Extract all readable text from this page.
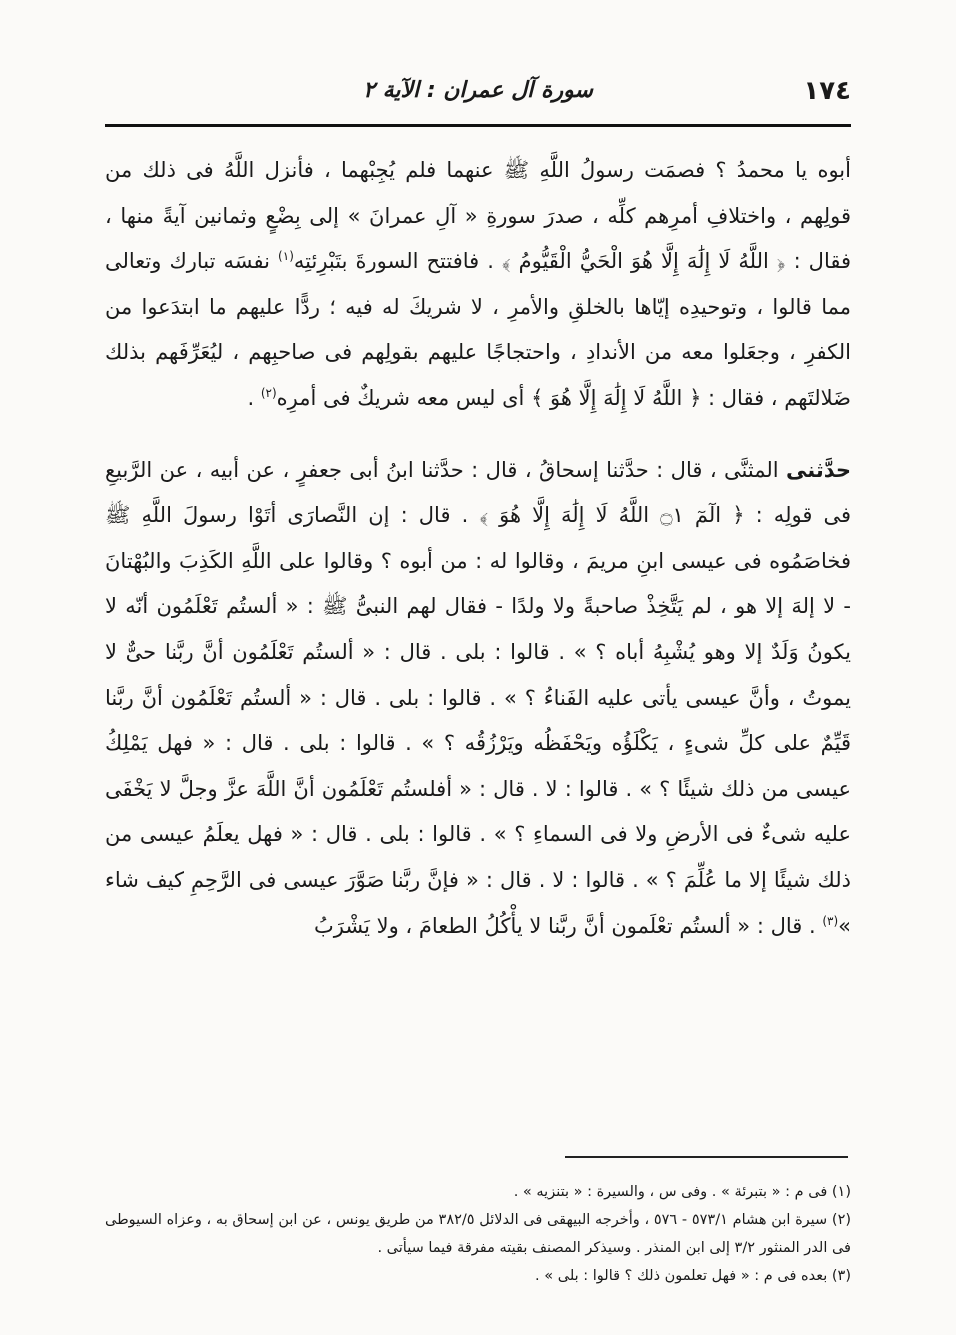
١٧٤
سورة آل عمران : الآية ٢

أبوه يا محمدُ ؟ فصمَت رسولُ اللَّهِ ﷺ عنهما فلم يُجِبْهما ، فأنزل اللَّهُ فى ذلك من قولِهم ، واختلافِ أمرِهم كلِّه ، صدرَ سورةِ « آلِ عمرانَ » إلى بِضْعٍ وثمانين آيةً منها ، فقال : ﴿ اللَّهُ لَا إِلَٰهَ إِلَّا هُوَ الْحَيُّ الْقَيُّومُ ﴾ . فافتتح السورةَ بتَبْرِئتِه$^{(١)}$ نفسَه تبارك وتعالى مما قالوا ، وتوحيدِه إيّاها بالخلقِ والأمرِ ، لا شريكَ له فيه ؛ ردًّا عليهم ما ابتدَعوا من الكفرِ ، وجعَلوا معه من الأندادِ ، واحتجاجًا عليهم بقولِهم فى صاحبِهم ، ليُعَرِّفَهم بذلك ضَلالتَهم ، فقال : ﴿ اللَّهُ لَا إِلَٰهَ إِلَّا هُوَ ﴾ أى ليس معه شريكٌ فى أمرِه$^{(٢)}$ .

حدَّثنى المثنَّى ، قال : حدَّثنا إسحاقُ ، قال : حدَّثنا ابنُ أبى جعفرٍ ، عن أبيه ، عن الرَّبيعِ فى قولِه : ﴿ الٓمٓ ۝١ اللَّهُ لَا إِلَٰهَ إِلَّا هُوَ ﴾ . قال : إن النَّصارَى أتَوْا رسولَ اللَّهِ ﷺ فخاصَمُوه فى عيسى ابنِ مريمَ ، وقالوا له : من أبوه ؟ وقالوا على اللَّهِ الكَذِبَ والبُهْتانَ - لا إلهَ إلا هو ، لم يَتَّخِذْ صاحبةً ولا ولدًا - فقال لهم النبىُّ ﷺ : « ألستُم تَعْلَمُون أنّه لا يكونُ وَلَدٌ إلا وهو يُشْبِهُ أباه ؟ » . قالوا : بلى . قال : « ألستُم تَعْلَمُون أنَّ ربَّنا حىٌّ لا يموتُ ، وأنَّ عيسى يأتى عليه الفَناءُ ؟ » . قالوا : بلى . قال : « ألستُم تَعْلَمُون أنَّ ربَّنا قَيِّمٌ على كلِّ شىءٍ ، يَكْلَؤُه ويَحْفَظُه ويَرْزُقُه ؟ » . قالوا : بلى . قال : « فهل يَمْلِكُ عيسى من ذلك شيئًا ؟ » . قالوا : لا . قال : « أفلستُم تَعْلَمُون أنَّ اللَّهَ عزَّ وجلَّ لا يَخْفَى عليه شىءٌ فى الأرضِ ولا فى السماءِ ؟ » . قالوا : بلى . قال : « فهل يعلَمُ عيسى من ذلك شيئًا إلا ما عُلِّمَ ؟ » . قالوا : لا . قال : « فإنَّ ربَّنا صَوَّرَ عيسى فى الرَّحِمِ كيف شاء »$^{(٣)}$ . قال : « ألستُم تعْلَمون أنَّ ربَّنا لا يأْكُلُ الطعامَ ، ولا يَشْرَبُ

(١) فى م : « بتبرئة » . وفى س ، والسيرة : « بتنزيه » .

(٢) سيرة ابن هشام ٥٧٣/١ - ٥٧٦ ، وأخرجه البيهقى فى الدلائل ٣٨٢/٥ من طريق يونس ، عن ابن إسحاق به ، وعزاه السيوطى فى الدر المنثور ٣/٢ إلى ابن المنذر . وسيذكر المصنف بقيته مفرقة فيما سيأتى .

(٣) بعده فى م : « فهل تعلمون ذلك ؟ قالوا : بلى » .
